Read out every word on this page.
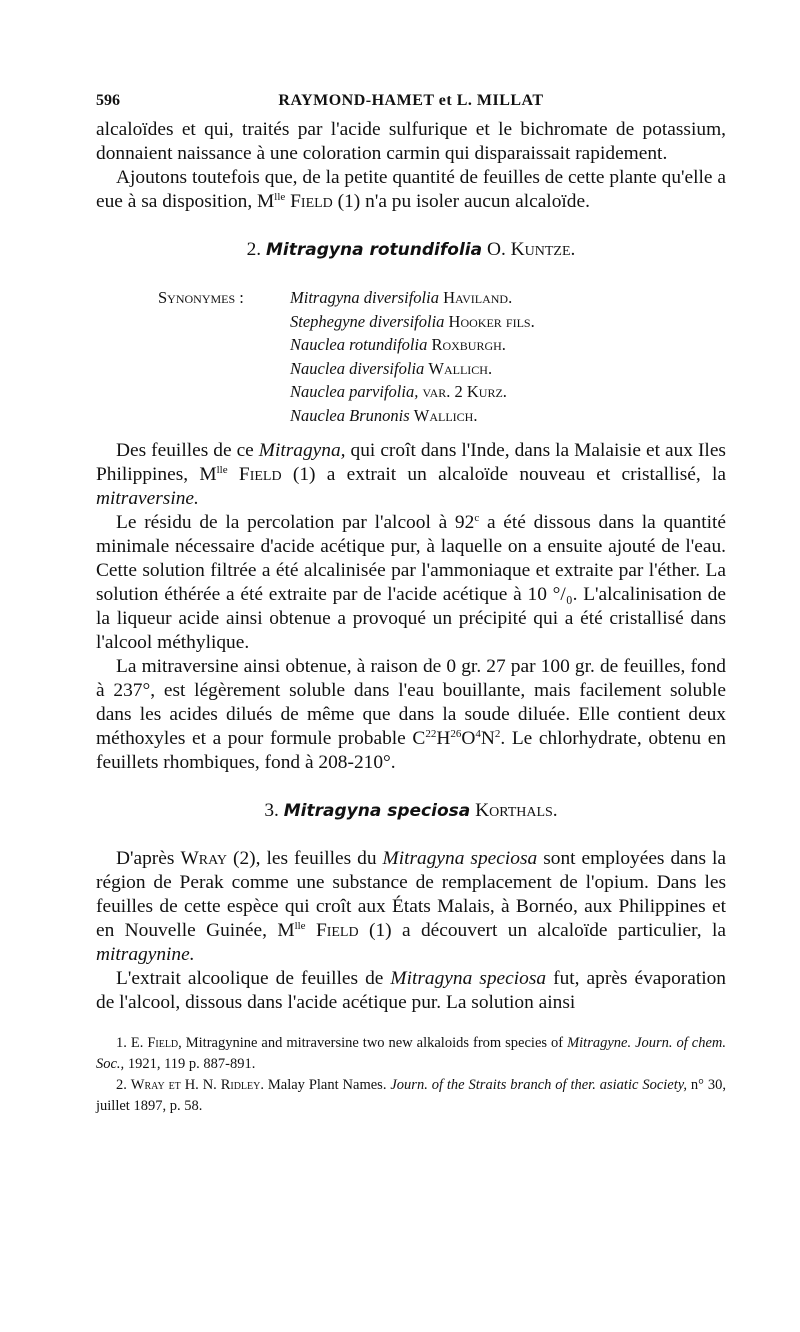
596	RAYMOND-HAMET et L. MILLAT

alcaloïdes et qui, traités par l'acide sulfurique et le bichromate de potassium, donnaient naissance à une coloration carmin qui disparaissait rapidement.

Ajoutons toutefois que, de la petite quantité de feuilles de cette plante qu'elle a eue à sa disposition, $M^{lle}$ Field (1) n'a pu isoler aucun alcaloïde.

2. Mitragyna rotundifolia O. Kuntze.
Synonymes :	Mitragyna diversifolia Haviland.
Stephegyne diversifolia Hooker fils.
Nauclea rotundifolia Roxburgh.
Nauclea diversifolia Wallich.
Nauclea parvifolia, var. 2 Kurz.
Nauclea Brunonis Wallich.

Des feuilles de ce Mitragyna, qui croît dans l'Inde, dans la Malaisie et aux Iles Philippines, $M^{lle}$ Field (1) a extrait un alcaloïde nouveau et cristallisé, la mitraversine.

Le résidu de la percolation par l'alcool à 92$^c$ a été dissous dans la quantité minimale nécessaire d'acide acétique pur, à laquelle on a ensuite ajouté de l'eau. Cette solution filtrée a été alcalinisée par l'ammoniaque et extraite par l'éther. La solution éthérée a été extraite par de l'acide acétique à 10 °/₀. L'alcalinisation de la liqueur acide ainsi obtenue a provoqué un précipité qui a été cristallisé dans l'alcool méthylique.

La mitraversine ainsi obtenue, à raison de 0 gr. 27 par 100 gr. de feuilles, fond à 237°, est légèrement soluble dans l'eau bouillante, mais facilement soluble dans les acides dilués de même que dans la soude diluée. Elle contient deux méthoxyles et a pour formule probable $C^{22}H^{26}O^4N^2$. Le chlorhydrate, obtenu en feuillets rhombiques, fond à 208-210°.

3. Mitragyna speciosa Korthals.

D'après Wray (2), les feuilles du Mitragyna speciosa sont employées dans la région de Perak comme une substance de remplacement de l'opium. Dans les feuilles de cette espèce qui croît aux États Malais, à Bornéo, aux Philippines et en Nouvelle Guinée, $M^{lle}$ Field (1) a découvert un alcaloïde particulier, la mitragynine.

L'extrait alcoolique de feuilles de Mitragyna speciosa fut, après évaporation de l'alcool, dissous dans l'acide acétique pur. La solution ainsi

1. E. Field, Mitragynine and mitraversine two new alkaloids from species of Mitragyne. Journ. of chem. Soc., 1921, 119 p. 887-891.

2. Wray et H. N. Ridley. Malay Plant Names. Journ. of the Straits branch of ther. asiatic Society, n° 30, juillet 1897, p. 58.
